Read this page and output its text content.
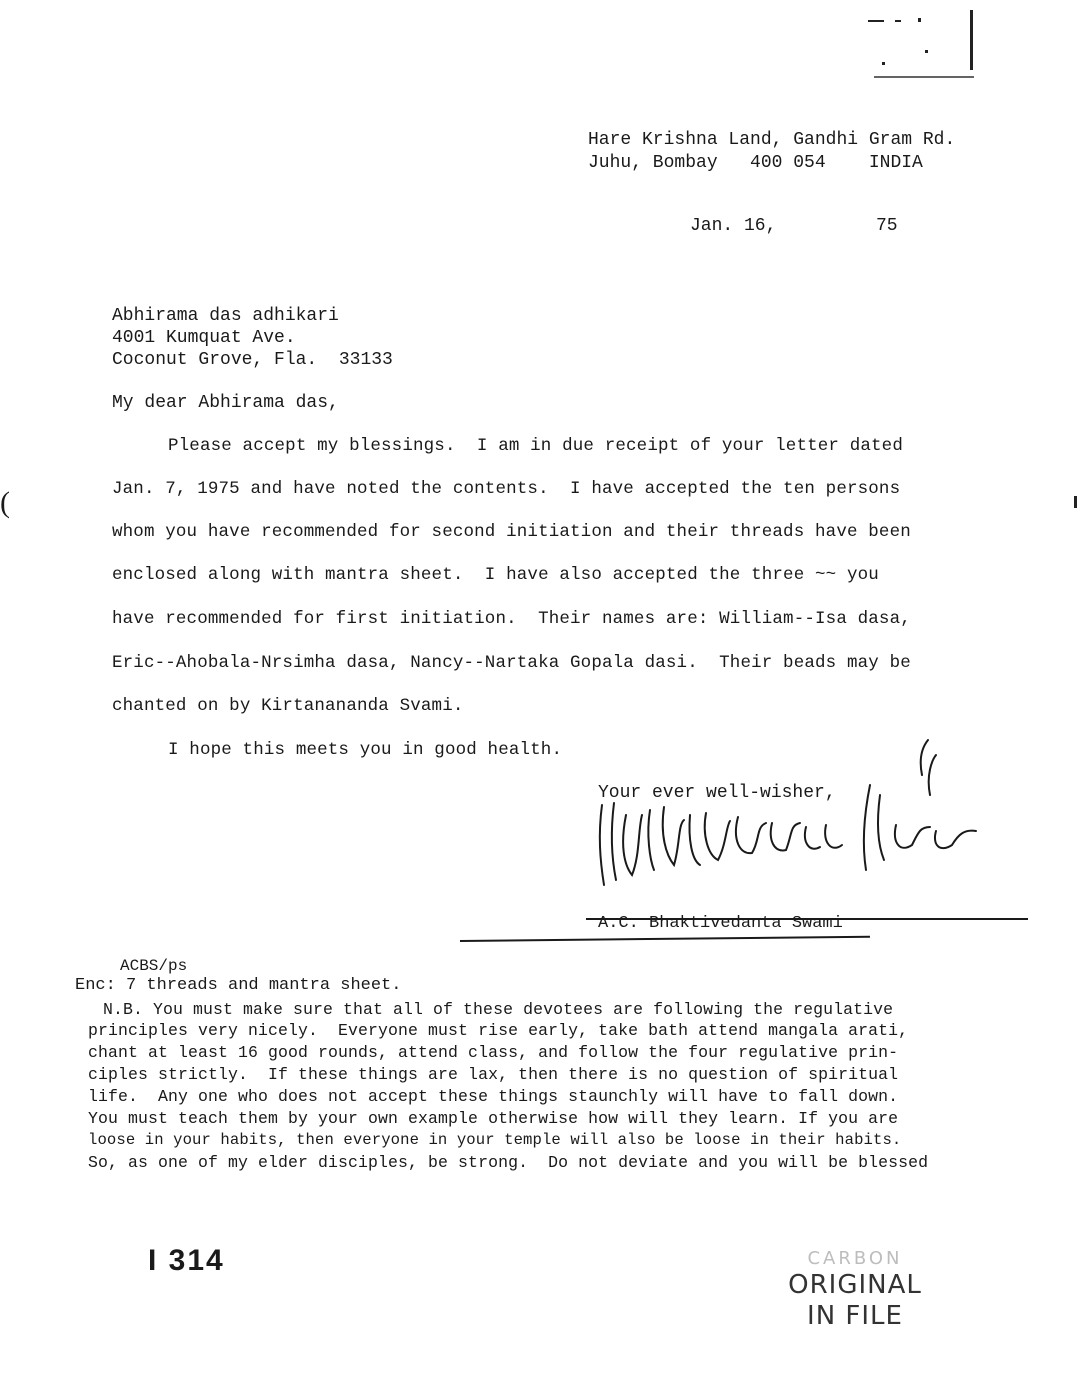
Hare Krishna Land, Gandhi Gram Rd.
Juhu, Bombay   400 054    INDIA
Jan. 16,	75
Abhirama das adhikari
4001 Kumquat Ave.
Coconut Grove, Fla.  33133
My dear Abhirama das,
(
Please accept my blessings.  I am in due receipt of your letter dated
Jan. 7, 1975 and have noted the contents.  I have accepted the ten persons
whom you have recommended for second initiation and their threads have been
enclosed along with mantra sheet.  I have also accepted the three ~~ you
have recommended for first initiation.  Their names are: William--Isa dasa,
Eric--Ahobala-Nrsimha dasa, Nancy--Nartaka Gopala dasi.  Their beads may be
chanted on by Kirtanananda Svami.
I hope this meets you in good health.
Your ever well-wisher,
A.C. Bhaktivedanta Swami
ACBS/ps
Enc: 7 threads and mantra sheet.
N.B. You must make sure that all of these devotees are following the regulative
principles very nicely.  Everyone must rise early, take bath attend mangala arati,
chant at least 16 good rounds, attend class, and follow the four regulative prin-
ciples strictly.  If these things are lax, then there is no question of spiritual
life.  Any one who does not accept these things staunchly will have to fall down.
You must teach them by your own example otherwise how will they learn. If you are
loose in your habits, then everyone in your temple will also be loose in their habits.
So, as one of my elder disciples, be strong.  Do not deviate and you will be blessed
I 314	CARBON
ORIGINAL
IN FILE
